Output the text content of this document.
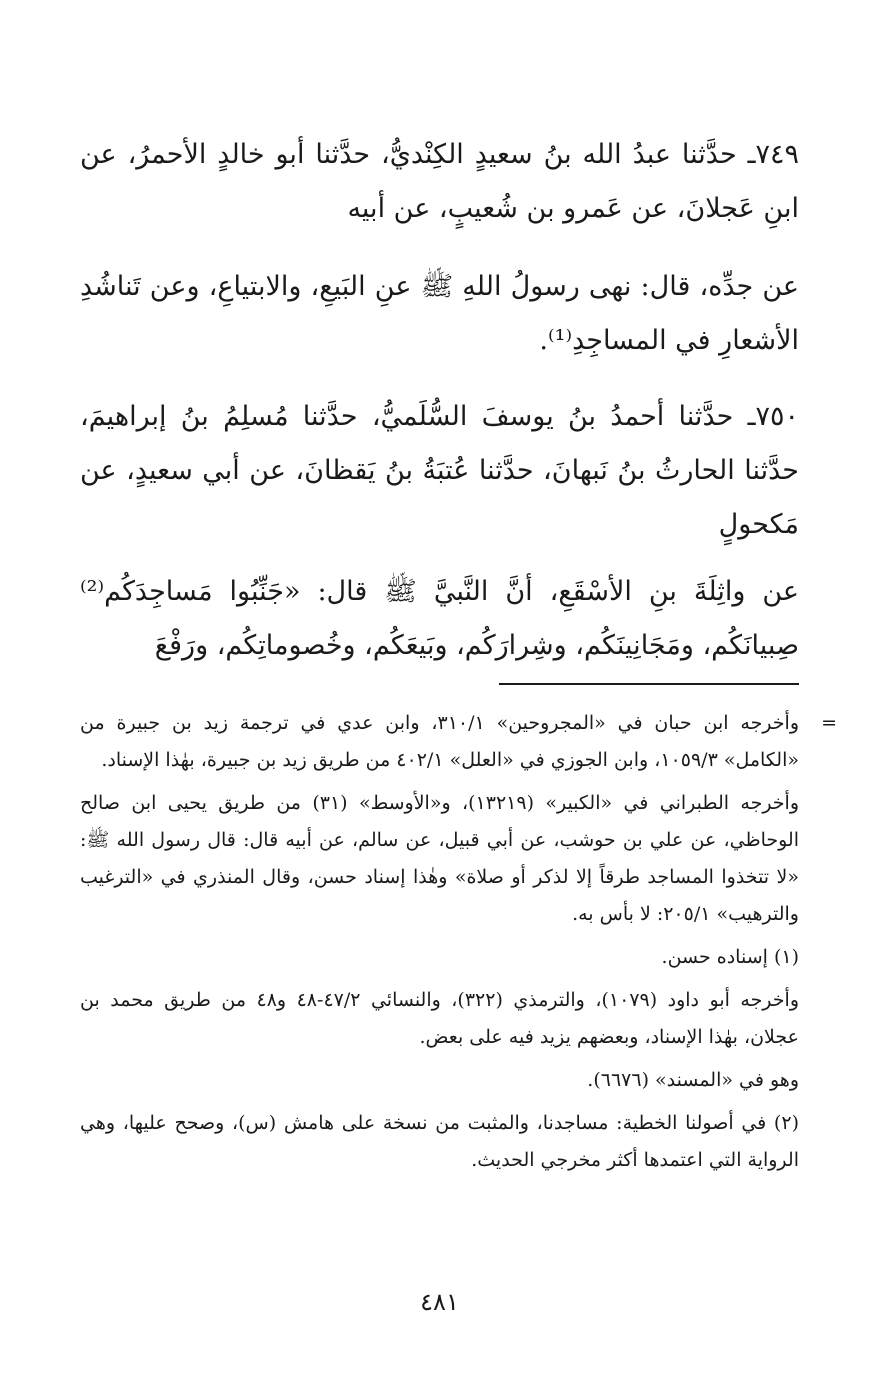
٧٤٩ـ حدَّثنا عبدُ الله بنُ سعيدٍ الكِنْديُّ، حدَّثنا أبو خالدٍ الأحمرُ، عن ابنِ عَجلانَ، عن عَمرو بن شُعيبٍ، عن أبيه

عن جدِّه، قال: نهى رسولُ اللهِ ﷺ عنِ البَيعِ، والابتياعِ، وعن تَناشُدِ الأشعارِ في المساجِدِ⁽¹⁾.

٧٥٠ـ حدَّثنا أحمدُ بنُ يوسفَ السُّلَميُّ، حدَّثنا مُسلِمُ بنُ إبراهيمَ، حدَّثنا الحارثُ بنُ نَبهانَ، حدَّثنا عُتبَةُ بنُ يَقظانَ، عن أبي سعيدٍ، عن مَكحولٍ

عن واثِلَةَ بنِ الأسْقَعِ، أنَّ النَّبيَّ ﷺ قال: «جَنِّبُوا مَساجِدَكُم⁽²⁾ صِبيانَكُم، ومَجَانِينَكُم، وشِرارَكُم، وبَيعَكُم، وخُصوماتِكُم، ورَفْعَ

=
وأخرجه ابن حبان في «المجروحين» ٣١٠/١، وابن عدي في ترجمة زيد بن جبيرة من «الكامل» ١٠٥٩/٣، وابن الجوزي في «العلل» ٤٠٢/١ من طريق زيد بن جبيرة، بهٰذا الإسناد.

وأخرجه الطبراني في «الكبير» (١٣٢١٩)، و«الأوسط» (٣١) من طريق يحيى ابن صالح الوحاظي، عن علي بن حوشب، عن أبي قبيل، عن سالم، عن أبيه قال: قال رسول الله ﷺ: «لا تتخذوا المساجد طرقاً إلا لذكر أو صلاة» وهٰذا إسناد حسن، وقال المنذري في «الترغيب والترهيب» ٢٠٥/١: لا بأس به.

(١) إسناده حسن.

وأخرجه أبو داود (١٠٧٩)، والترمذي (٣٢٢)، والنسائي ٤٧/٢-٤٨ و٤٨ من طريق محمد بن عجلان، بهٰذا الإسناد، وبعضهم يزيد فيه على بعض.

وهو في «المسند» (٦٦٧٦).

(٢) في أصولنا الخطية: مساجدنا، والمثبت من نسخة على هامش (س)، وصحح عليها، وهي الرواية التي اعتمدها أكثر مخرجي الحديث.

٤٨١
